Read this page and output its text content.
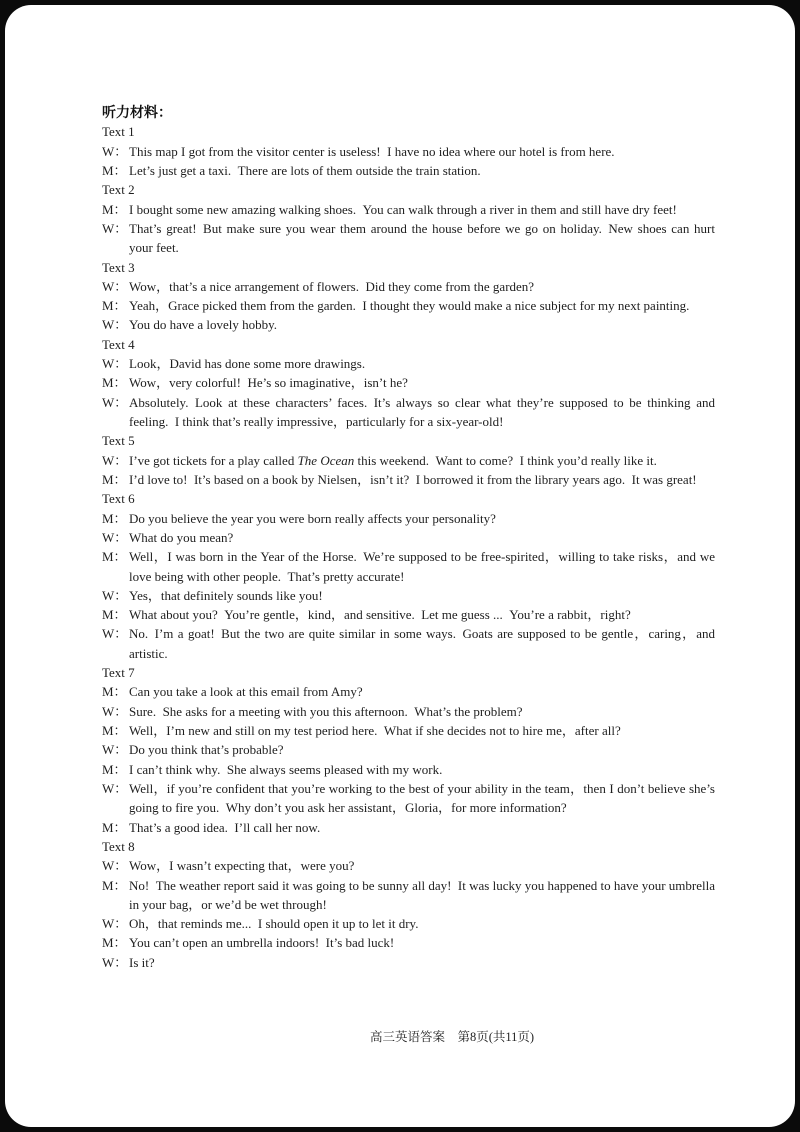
听力材料：
Text 1
W： This map I got from the visitor center is useless! I have no idea where our hotel is from here.
M： Let’s just get a taxi. There are lots of them outside the train station.
Text 2
M： I bought some new amazing walking shoes. You can walk through a river in them and still have dry feet!
W： That’s great! But make sure you wear them around the house before we go on holiday. New shoes can hurt your feet.
Text 3
W： Wow，that’s a nice arrangement of flowers. Did they come from the garden?
M： Yeah，Grace picked them from the garden. I thought they would make a nice subject for my next painting.
W： You do have a lovely hobby.
Text 4
W： Look，David has done some more drawings.
M： Wow，very colorful! He’s so imaginative，isn’t he?
W： Absolutely. Look at these characters’ faces. It’s always so clear what they’re supposed to be thinking and feeling. I think that’s really impressive，particularly for a six-year-old!
Text 5
W： I’ve got tickets for a play called The Ocean this weekend. Want to come? I think you’d really like it.
M： I’d love to! It’s based on a book by Nielsen，isn’t it? I borrowed it from the library years ago. It was great!
Text 6
M： Do you believe the year you were born really affects your personality?
W： What do you mean?
M： Well，I was born in the Year of the Horse. We’re supposed to be free-spirited，willing to take risks，and we love being with other people. That’s pretty accurate!
W： Yes，that definitely sounds like you!
M： What about you? You’re gentle，kind，and sensitive. Let me guess ... You’re a rabbit，right?
W： No. I’m a goat! But the two are quite similar in some ways. Goats are supposed to be gentle，caring，and artistic.
Text 7
M： Can you take a look at this email from Amy?
W： Sure. She asks for a meeting with you this afternoon. What’s the problem?
M： Well，I’m new and still on my test period here. What if she decides not to hire me，after all?
W： Do you think that’s probable?
M： I can’t think why. She always seems pleased with my work.
W： Well，if you’re confident that you’re working to the best of your ability in the team，then I don’t believe she’s going to fire you. Why don’t you ask her assistant，Gloria，for more information?
M： That’s a good idea. I’ll call her now.
Text 8
W： Wow，I wasn’t expecting that，were you?
M： No! The weather report said it was going to be sunny all day! It was lucky you happened to have your umbrella in your bag，or we’d be wet through!
W： Oh，that reminds me... I should open it up to let it dry.
M： You can’t open an umbrella indoors! It’s bad luck!
W： Is it?
高三英语答案　第8页(共11页)
